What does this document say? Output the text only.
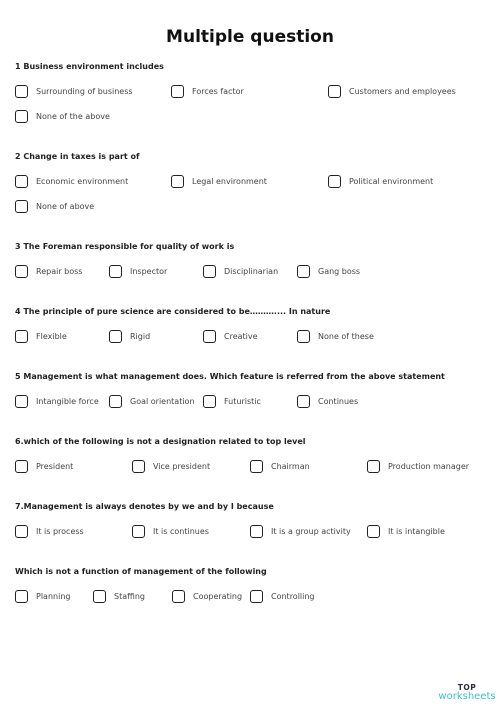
Multiple question
1 Business environment includes
Surrounding of business	Forces factor	Customers and employees
None of the above
2 Change in taxes is part of
Economic environment	Legal environment	Political environment
None of above
3 The Foreman responsible for quality of work is
Repair boss	Inspector	Disciplinarian	Gang boss
4 The principle of pure science are considered to be……….... In nature
Flexible	Rigid	Creative	None of these
5 Management is what management does. Which feature is referred from the above statement
Intangible force	Goal orientation	Futuristic	Continues
6.which of the following is not a designation related to top level
President	Vice president	Chairman	Production manager
7.Management is always denotes by we and by I because
It is process	It is continues	It is a group activity	It is intangible
Which is not a function of management of the following
Planning	Staffing	Cooperating	Controlling
TOP
worksheets
